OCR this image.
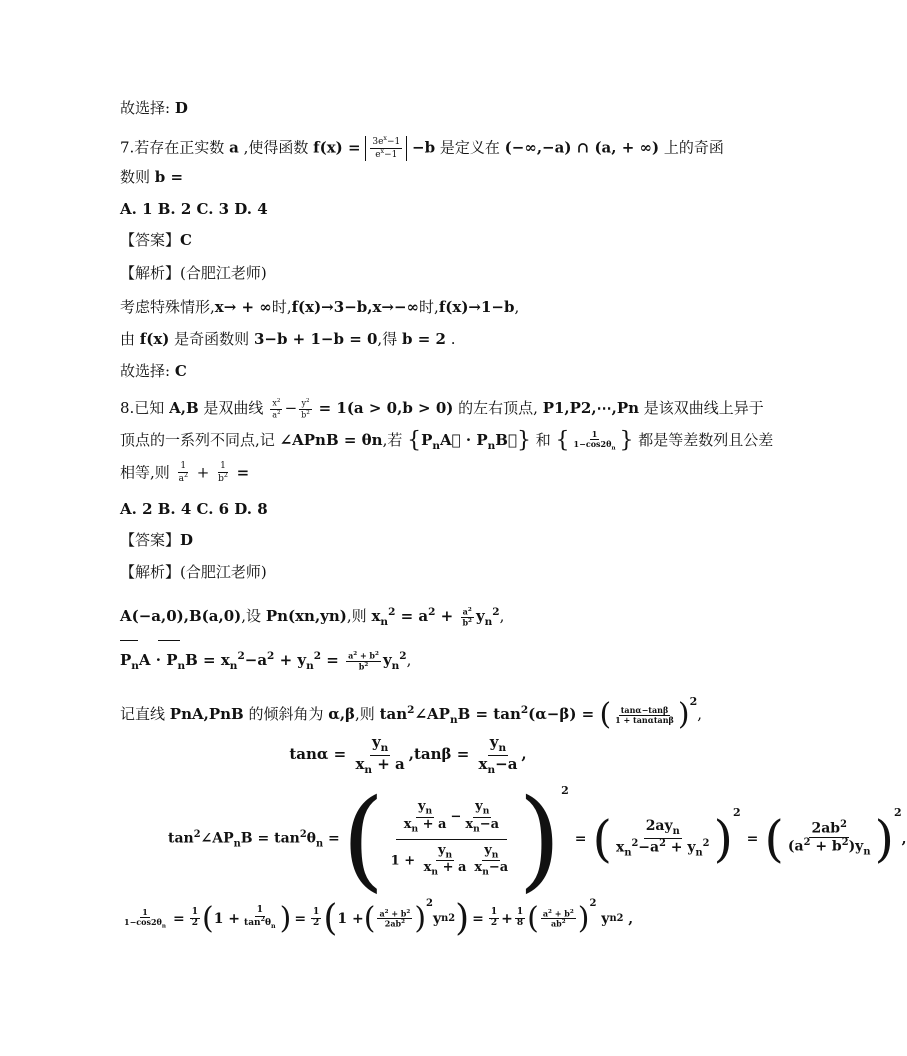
故选择: D
7.若存在正实数 a ,使得函数 $f(x) = \frac{3e^x-1}{e^x-1} -b$ 是定义在 (−∞,−a) ∩ (a, + ∞) 上的奇函
数则 b =
A. 1 B. 2 C. 3 D. 4
【答案】C
【解析】(合肥江老师)
考虑特殊情形,x→ + ∞时,f(x)→3−b,x→−∞时,f(x)→1−b,
由 f(x) 是奇函数则 3−b + 1−b = 0,得 b = 2 .
故选择: C
8.已知 A,B 是双曲线 $\frac{x^2}{a^2} - \frac{y^2}{b^2} = 1(a > 0,b > 0)$ 的左右顶点, P1,P2,⋯,Pn 是该双曲线上异于
顶点的一系列不同点,记 ∠APnB = θn,若 {$P_nA⃗$ · $P_nB⃗$} 和 { $\frac{1}{1-\cos 2\theta_n}$ } 都是等差数列且公差
相等,则 $\frac{1}{a^2} + \frac{1}{b^2}$ =
A. 2 B. 4 C. 6 D. 8
【答案】D
【解析】(合肥江老师)
A(−a,0),B(a,0),设 Pn(xn,yn),则 $x_n^2 = a^2 + \frac{a^2}{b^2} y_n^2$,
$P_nA \cdot P_nB = x_n^2-a^2 + y_n^2 = \frac{a^2 + b^2}{b^2} y_n^2$,
记直线 PnA,PnB 的倾斜角为 α,β,则 $\tan^2\angle AP_nB = \tan^2(\alpha-\beta)$ = ( $\frac{\tan\alpha-\tan\beta}{1 + \tan\alpha\tan\beta} )^2$,
$\tan\alpha = \frac{y_n}{x_n + a} ,\tan\beta = \frac{y_n}{x_n-a}$ ,
$\tan^2\angle AP_nB = \tan^2\theta_n$ = ( $\frac{\frac{y_n}{x_n + a} - \frac{y_n}{x_n-a}}{1 + \frac{y_n}{x_n + a} \frac{y_n}{x_n-a}} )^2$
= ( $\frac{2ay_n}{x_n^2-a^2 + y_n^2} )^2$
= ( $\frac{2ab^2}{(a^2 + b^2)y_n} )^2$
,
$\frac{1}{1-\cos 2\theta_n} = \frac{1}{2}$ ( $1 + \frac{1}{\tan^2\theta_n}$ ) = $\frac{1}{2}$ ( 1 + ( $\frac{a^2 + b^2}{2ab^2} )^2$
y n 2 ) = $\frac{1}{2} + \frac{1}{8}$ ( $\frac{a^2 + b^2}{ab^2} )^2$
y n 2 ,
